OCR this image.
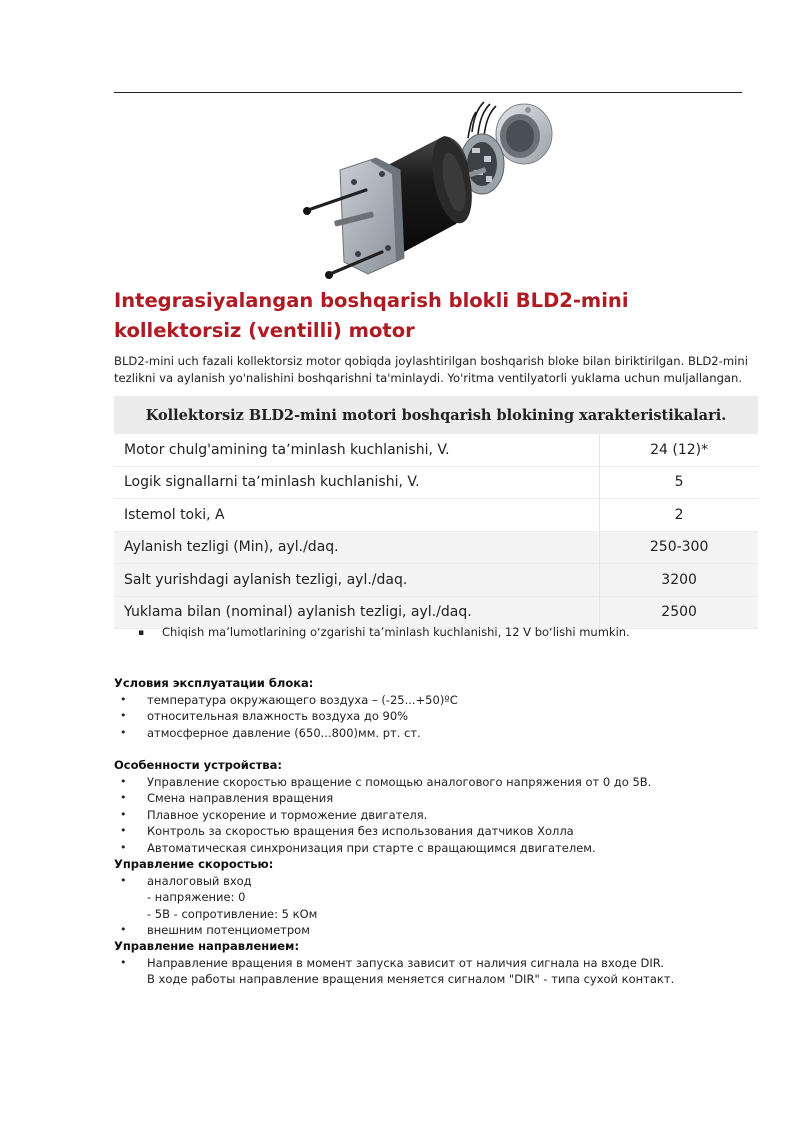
Integrasiyalangan boshqarish blokli BLD2-mini
kollektorsiz (ventilli) motor

BLD2-mini uch fazali kollektorsiz motor qobiqda joylashtirilgan boshqarish bloke bilan biriktirilgan. BLD2-mini
tezlikni va aylanish yo'nalishini boshqarishni ta'minlaydi. Yo'ritma ventilyatorli yuklama uchun muljallangan.

Kollektorsiz BLD2-mini motori boshqarish blokining xarakteristikalari.
Motor chulg'amining taʼminlash kuchlanishi, V.	24 (12)*
Logik signallarni taʼminlash kuchlanishi, V.	5
Istemol toki, A	2
Aylanish tezligi (Min), ayl./daq.	250-300
Salt yurishdagi aylanish tezligi, ayl./daq.	3200
Yuklama bilan (nominal) aylanish tezligi, ayl./daq.	2500
▪ Chiqish maʼlumotlarining oʻzgarishi taʼminlash kuchlanishi, 12 V boʻlishi mumkin.
Условия эксплуатации блока:
• температура окружающего воздуха – (-25...+50)ºС
• относительная влажность воздуха до 90%
• атмосферное давление (650...800)мм. рт. ст.
Особенности устройства:
• Управление скоростью вращение с помощью аналогового напряжения от 0 до 5В.
• Смена направления вращения
• Плавное ускорение и торможение двигателя.
• Контроль за скоростью вращения без использования датчиков Холла
• Автоматическая синхронизация при старте с вращающимся двигателем.
Управление скоростью:
• аналоговый вход
- напряжение: 0
- 5В - сопротивление: 5 кОм
• внешним потенциометром
Управление направлением:
• Направление вращения в момент запуска зависит от наличия сигнала на входе DIR.
В ходе работы направление вращения меняется сигналом "DIR" - типа сухой контакт.
